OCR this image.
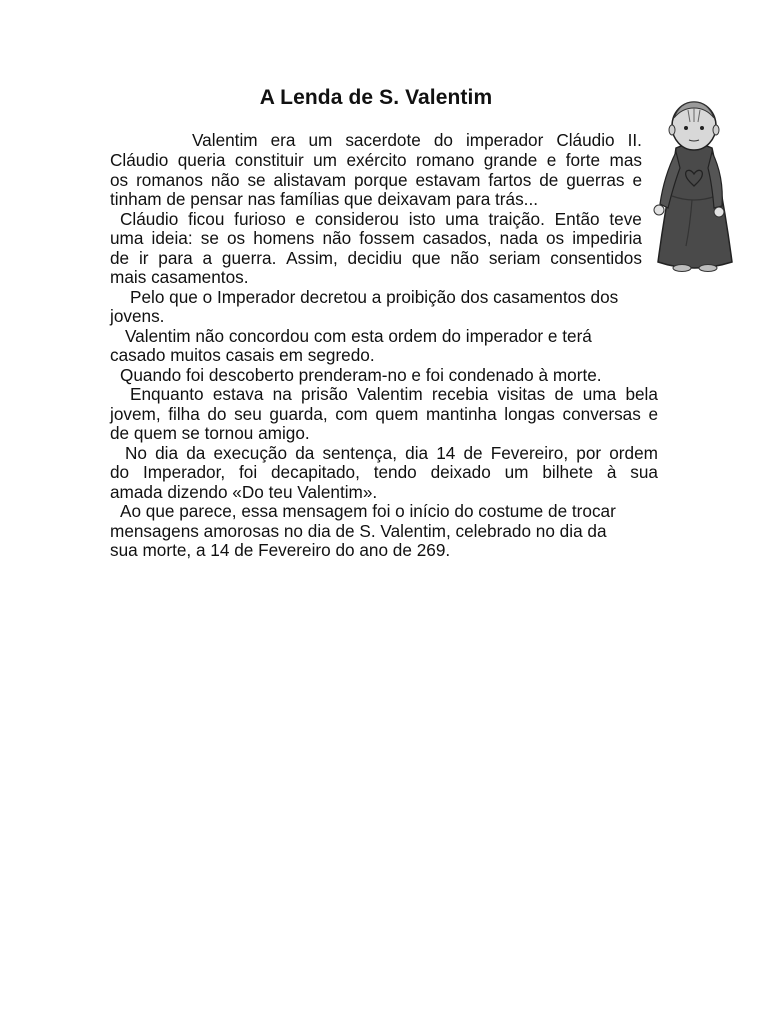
A Lenda de S. Valentim
Valentim era um sacerdote do imperador Cláudio II.
Cláudio queria constituir um exército romano grande e forte mas
os romanos não se alistavam porque estavam fartos de guerras e
tinham de pensar nas famílias que deixavam para trás...
Cláudio ficou furioso e considerou isto uma traição. Então teve
uma ideia: se os homens não fossem casados, nada os impediria
de ir para a guerra. Assim, decidiu que não seriam consentidos
mais casamentos.
Pelo que o Imperador decretou a proibição dos casamentos dos
jovens.
Valentim não concordou com esta ordem do imperador e terá
casado muitos casais em segredo.
Quando foi descoberto prenderam-no e foi condenado à morte.
Enquanto estava na prisão Valentim recebia visitas de uma bela
jovem, filha do seu guarda, com quem mantinha longas conversas e
de quem se tornou amigo.
No dia da execução da sentença, dia 14 de Fevereiro, por ordem
do Imperador, foi decapitado, tendo deixado um bilhete à sua
amada dizendo «Do teu Valentim».
Ao que parece, essa mensagem foi o início do costume de trocar
mensagens amorosas no dia de S. Valentim, celebrado no dia da
sua morte, a 14 de Fevereiro do ano de 269.
